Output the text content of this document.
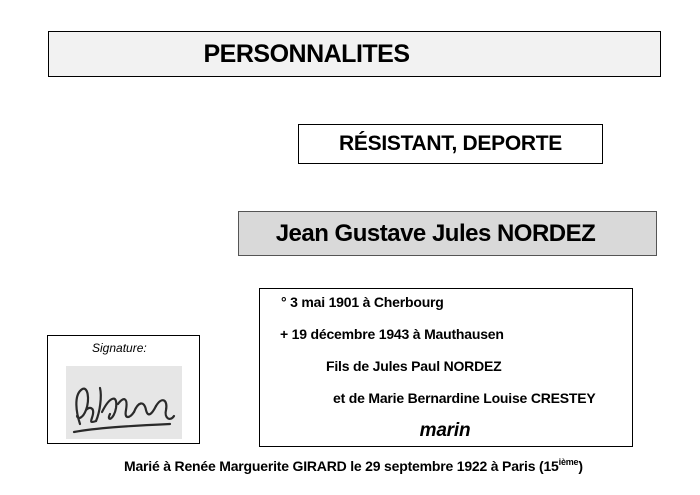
PERSONNALITES
RÉSISTANT, DEPORTE
Jean Gustave Jules NORDEZ
° 3 mai 1901 à Cherbourg
+ 19 décembre 1943 à Mauthausen
Fils de Jules Paul NORDEZ
et de Marie Bernardine Louise CRESTEY
marin
Signature:
Marié à Renée Marguerite GIRARD le 29 septembre 1922 à Paris (15ième)
